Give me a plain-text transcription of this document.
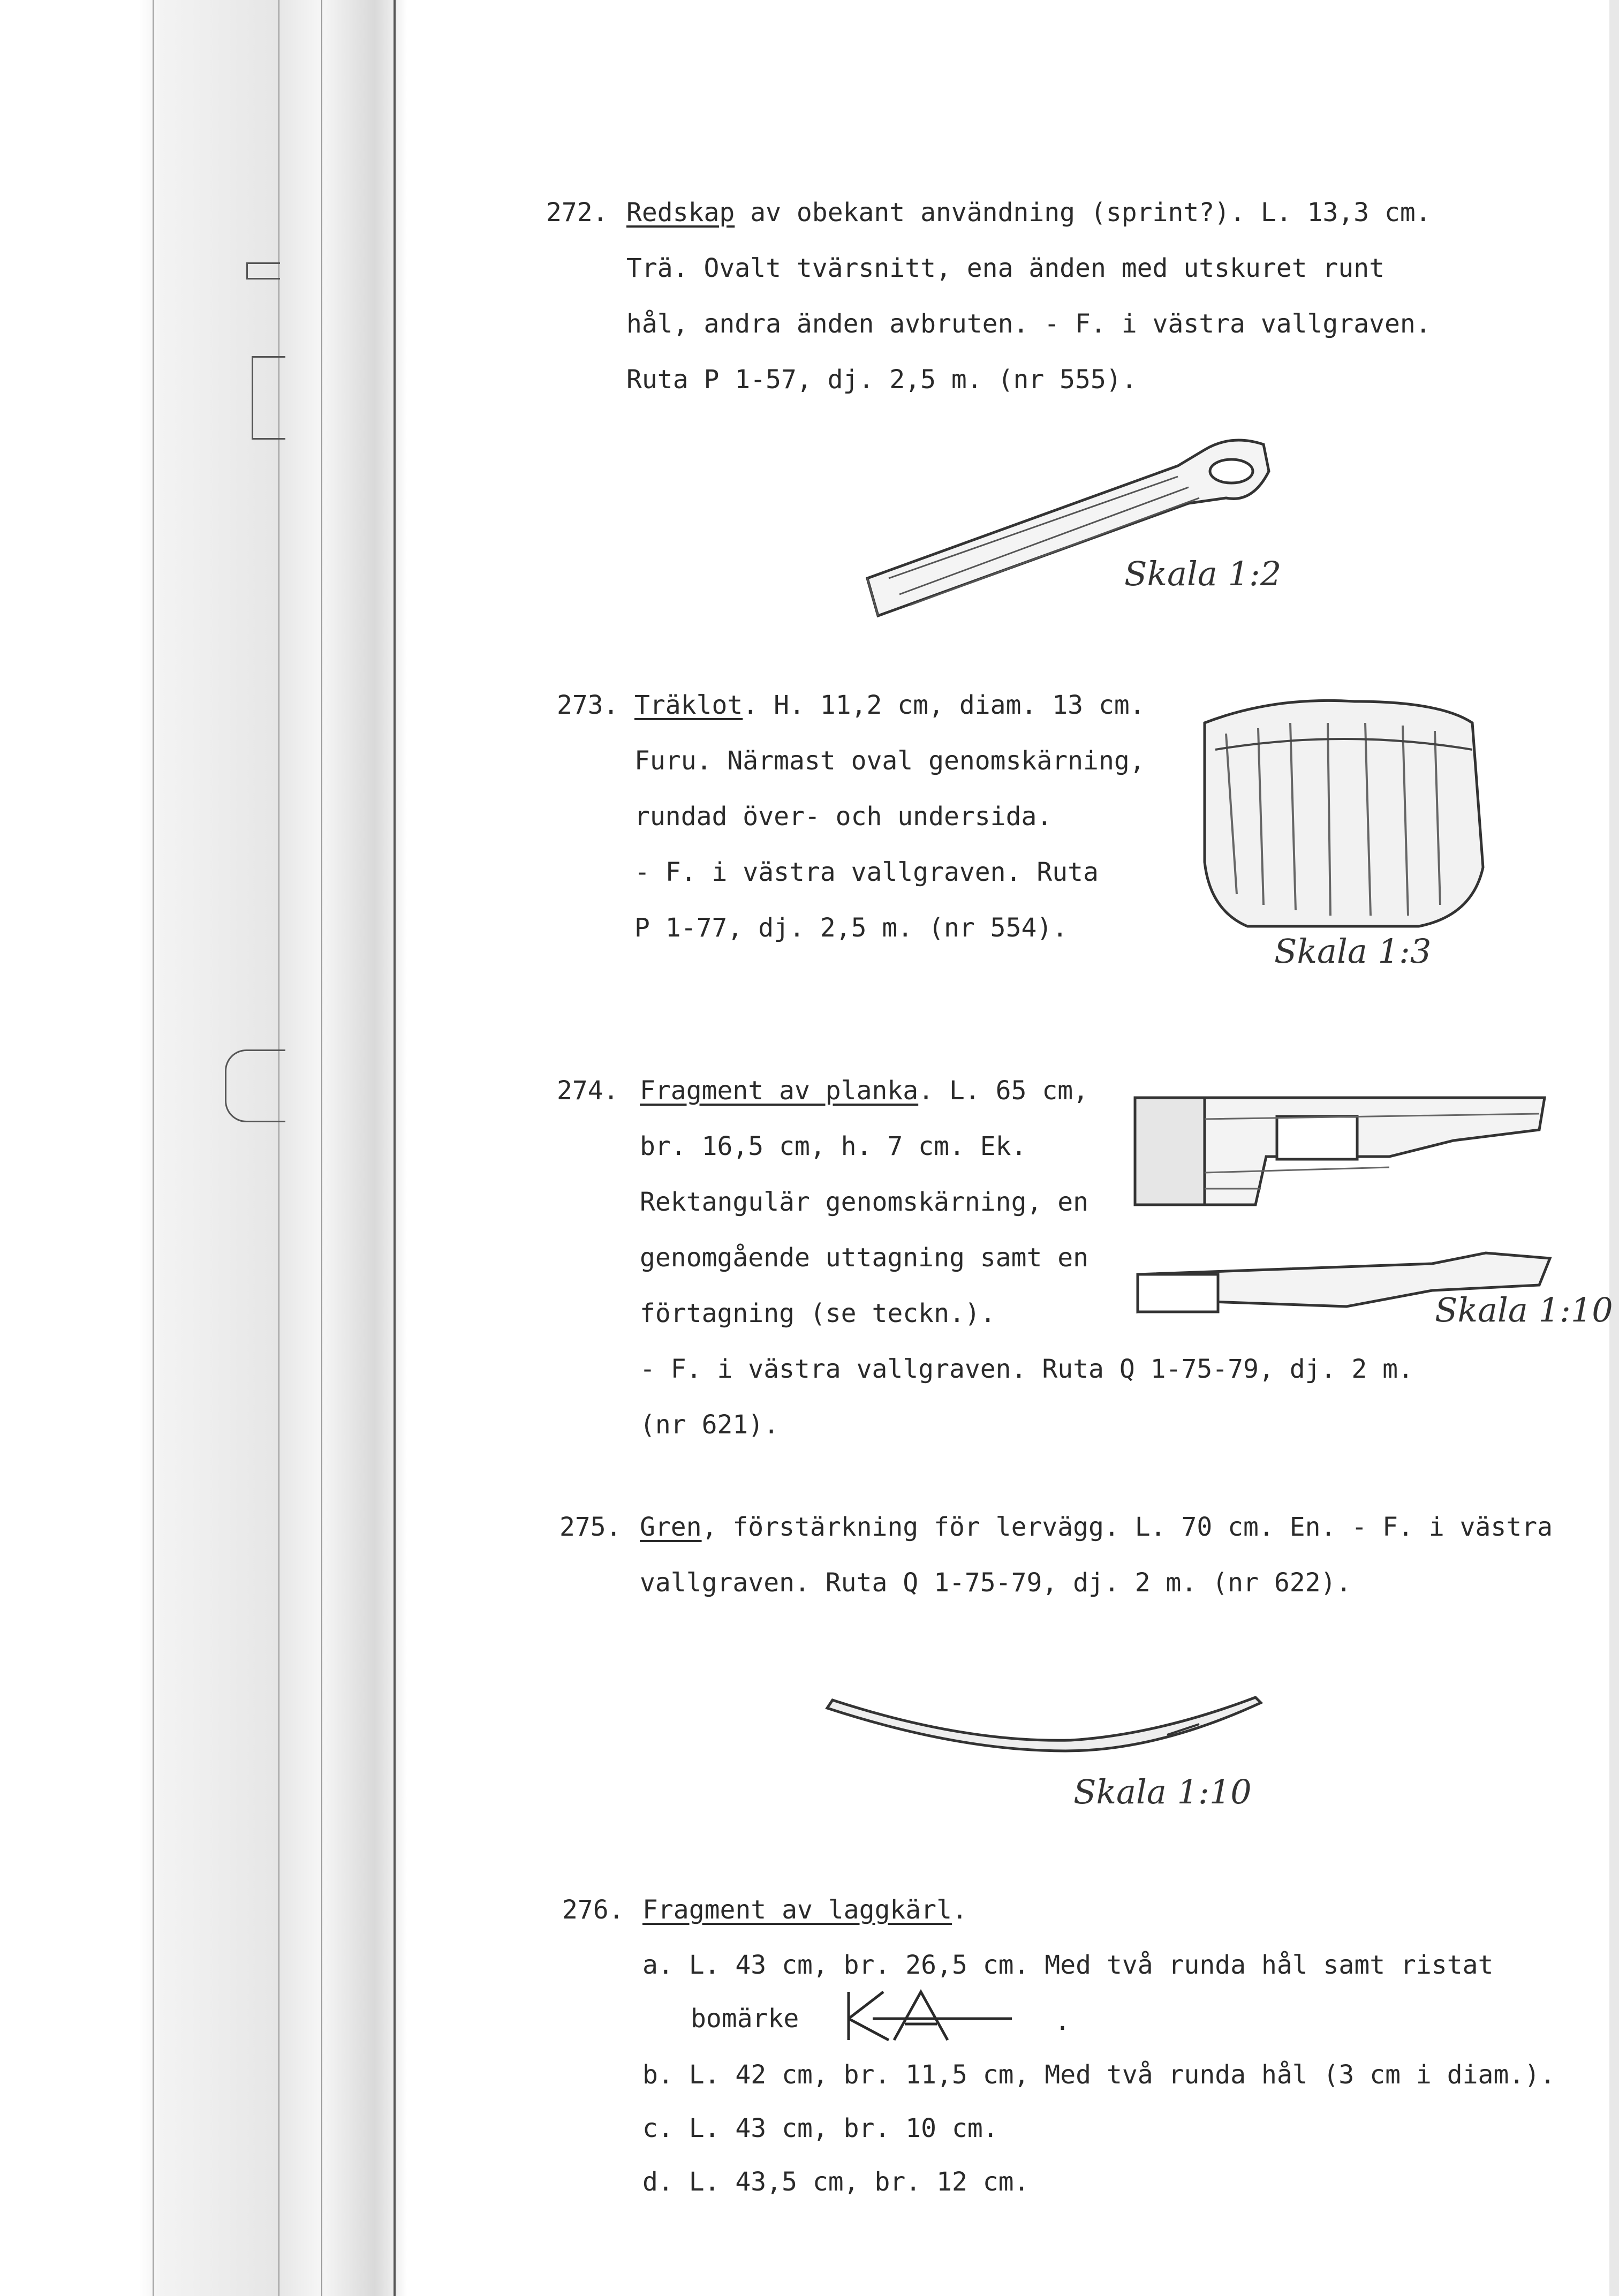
272. Redskap av obekant användning (sprint?). L. 13,3 cm.
Trä. Ovalt tvärsnitt, ena änden med utskuret runt
hål, andra änden avbruten. - F. i västra vallgraven.
Ruta P 1-57, dj. 2,5 m. (nr 555).
Skala 1:2
273. Träklot. H. 11,2 cm, diam. 13 cm.
Furu. Närmast oval genomskärning,
rundad över- och undersida.
- F. i västra vallgraven. Ruta
P 1-77, dj. 2,5 m. (nr 554).
Skala 1:3
274. Fragment av planka. L. 65 cm,
br. 16,5 cm, h. 7 cm. Ek.
Rektangulär genomskärning, en
genomgående uttagning samt en
förtagning (se teckn.).
- F. i västra vallgraven. Ruta Q 1-75-79, dj. 2 m.
(nr 621).
Skala 1:10
275. Gren, förstärkning för lervägg. L. 70 cm. En. - F. i västra
vallgraven. Ruta Q 1-75-79, dj. 2 m. (nr 622).
Skala 1:10
276. Fragment av laggkärl.
a. L. 43 cm, br. 26,5 cm. Med två runda hål samt ristat
bomärke	.
b. L. 42 cm, br. 11,5 cm, Med två runda hål (3 cm i diam.).
c. L. 43 cm, br. 10 cm.
d. L. 43,5 cm, br. 12 cm.
